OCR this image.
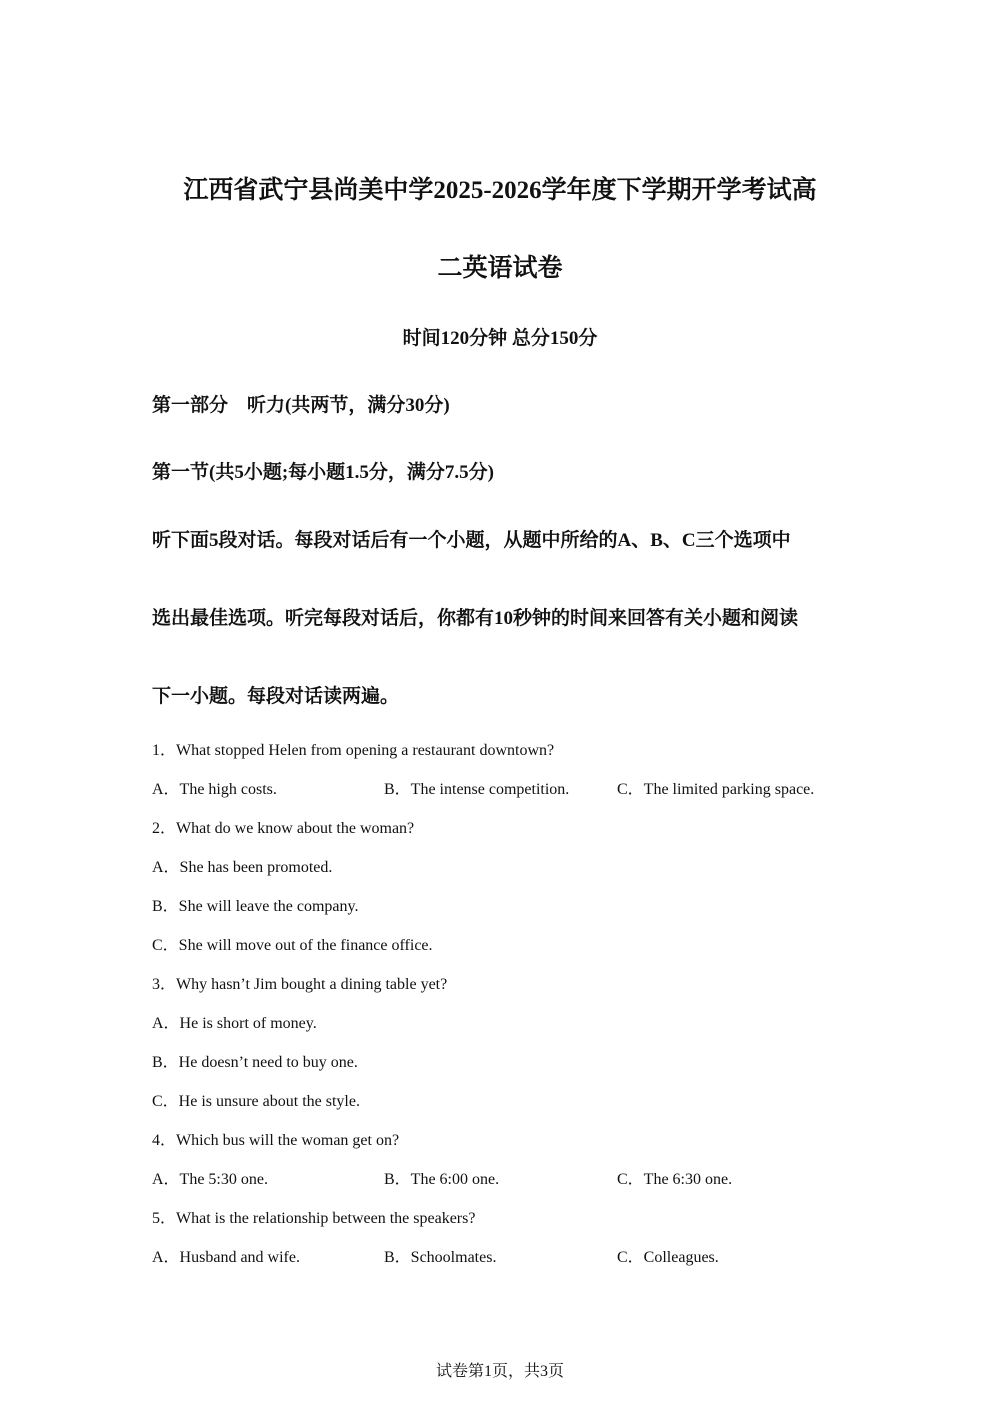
江西省武宁县尚美中学2025-2026学年度下学期开学考试高
二英语试卷

时间120分钟 总分150分

第一部分　听力(共两节，满分30分)

第一节(共5小题;每小题1.5分，满分7.5分)

听下面5段对话。每段对话后有一个小题，从题中所给的A、B、C三个选项中

选出最佳选项。听完每段对话后，你都有10秒钟的时间来回答有关小题和阅读

下一小题。每段对话读两遍。

1．What stopped Helen from opening a restaurant downtown?

A．The high costs.	B．The intense competition.	C．The limited parking space.

2．What do we know about the woman?

A．She has been promoted.
B．She will leave the company.
C．She will move out of the finance office.

3．Why hasn’t Jim bought a dining table yet?

A．He is short of money.
B．He doesn’t need to buy one.
C．He is unsure about the style.

4．Which bus will the woman get on?

A．The 5:30 one.	B．The 6:00 one.	C．The 6:30 one.

5．What is the relationship between the speakers?

A．Husband and wife.	B．Schoolmates.	C．Colleagues.

试卷第1页，共3页
